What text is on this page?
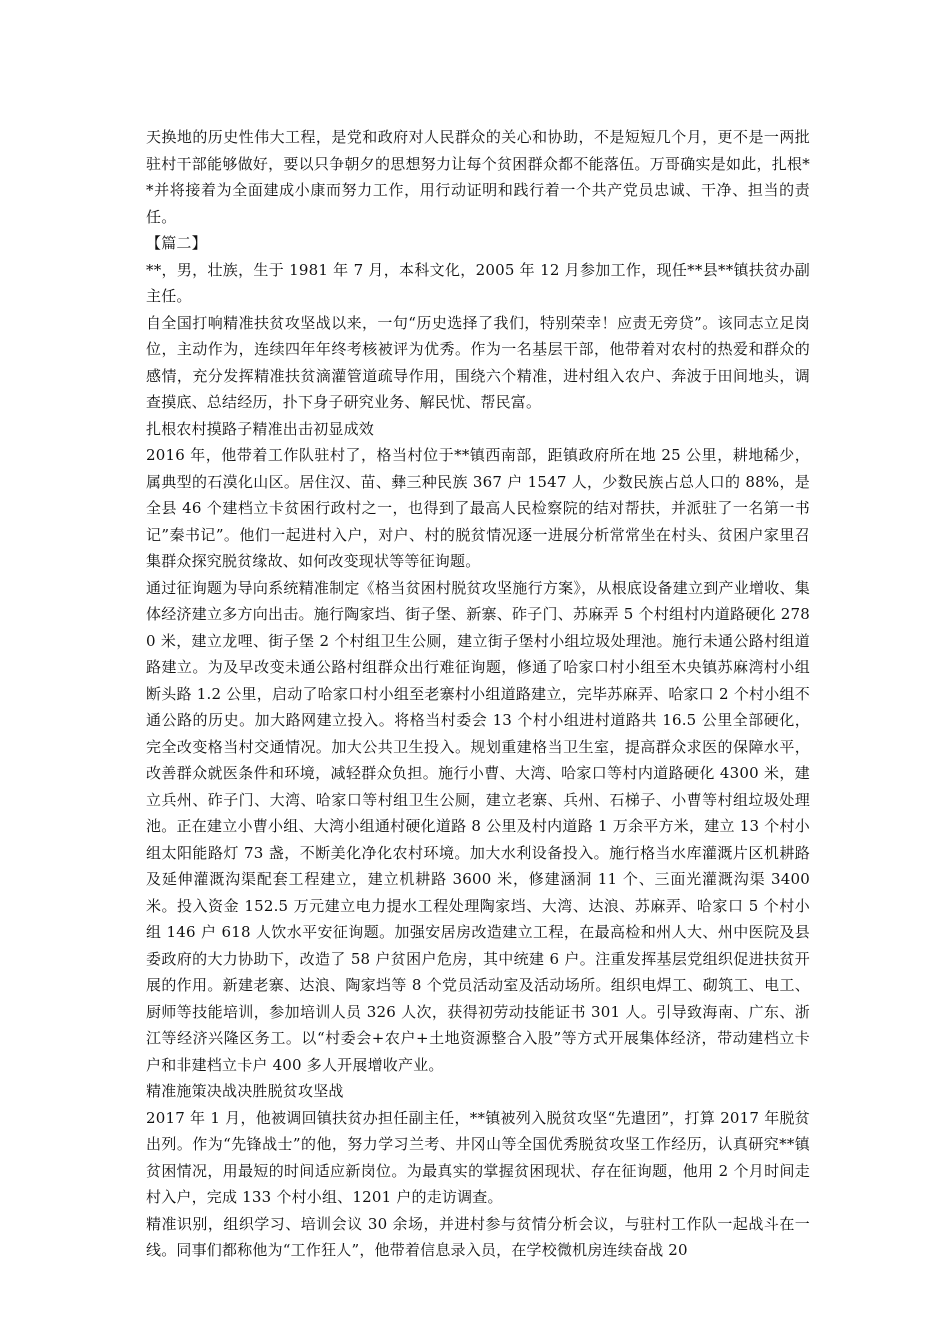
天换地的历史性伟大工程，是党和政府对人民群众的关心和协助，不是短短几个月，更不是一两批驻村干部能够做好，要以只争朝夕的思想努力让每个贫困群众都不能落伍。万哥确实是如此，扎根**并将接着为全面建成小康而努力工作，用行动证明和践行着一个共产党员忠诚、干净、担当的责任。

【篇二】

**，男，壮族，生于 1981 年 7 月，本科文化，2005 年 12 月参加工作，现任**县**镇扶贫办副主任。

自全国打响精准扶贫攻坚战以来，一句“历史选择了我们，特别荣幸！应责无旁贷”。该同志立足岗位，主动作为，连续四年年终考核被评为优秀。作为一名基层干部，他带着对农村的热爱和群众的感情，充分发挥精准扶贫滴灌管道疏导作用，围绕六个精准，进村组入农户、奔波于田间地头，调查摸底、总结经历，扑下身子研究业务、解民忧、帮民富。

扎根农村摸路子精准出击初显成效

2016 年，他带着工作队驻村了，格当村位于**镇西南部，距镇政府所在地 25 公里，耕地稀少，属典型的石漠化山区。居住汉、苗、彝三种民族 367 户 1547 人，少数民族占总人口的 88%，是全县 46 个建档立卡贫困行政村之一，也得到了最高人民检察院的结对帮扶，并派驻了一名第一书记”秦书记”。他们一起进村入户，对户、村的脱贫情况逐一进展分析常常坐在村头、贫困户家里召集群众探究脱贫缘故、如何改变现状等等征询题。

通过征询题为导向系统精准制定《格当贫困村脱贫攻坚施行方案》，从根底设备建立到产业增收、集体经济建立多方向出击。施行陶家垱、街子堡、新寨、砟子门、苏麻弄 5 个村组村内道路硬化 2780 米，建立龙哩、街子堡 2 个村组卫生公厕，建立街子堡村小组垃圾处理池。施行未通公路村组道路建立。为及早改变未通公路村组群众出行难征询题，修通了哈家口村小组至木央镇苏麻湾村小组断头路 1.2 公里，启动了哈家口村小组至老寨村小组道路建立，完毕苏麻弄、哈家口 2 个村小组不通公路的历史。加大路网建立投入。将格当村委会 13 个村小组进村道路共 16.5 公里全部硬化，完全改变格当村交通情况。加大公共卫生投入。规划重建格当卫生室，提高群众求医的保障水平，改善群众就医条件和环境，减轻群众负担。施行小曹、大湾、哈家口等村内道路硬化 4300 米，建立兵州、砟子门、大湾、哈家口等村组卫生公厕，建立老寨、兵州、石梯子、小曹等村组垃圾处理池。正在建立小曹小组、大湾小组通村硬化道路 8 公里及村内道路 1 万余平方米，建立 13 个村小组太阳能路灯 73 盏，不断美化净化农村环境。加大水利设备投入。施行格当水库灌溉片区机耕路及延伸灌溉沟渠配套工程建立，建立机耕路 3600 米，修建涵洞 11 个、三面光灌溉沟渠 3400 米。投入资金 152.5 万元建立电力提水工程处理陶家垱、大湾、达浪、苏麻弄、哈家口 5 个村小组 146 户 618 人饮水平安征询题。加强安居房改造建立工程，在最高检和州人大、州中医院及县委政府的大力协助下，改造了 58 户贫困户危房，其中统建 6 户。注重发挥基层党组织促进扶贫开展的作用。新建老寨、达浪、陶家垱等 8 个党员活动室及活动场所。组织电焊工、砌筑工、电工、厨师等技能培训，参加培训人员 326 人次，获得初劳动技能证书 301 人。引导致海南、广东、浙江等经济兴隆区务工。以“村委会+农户+土地资源整合入股”等方式开展集体经济，带动建档立卡户和非建档立卡户 400 多人开展增收产业。

精准施策决战决胜脱贫攻坚战

2017 年 1 月，他被调回镇扶贫办担任副主任，**镇被列入脱贫攻坚“先遣团”，打算 2017 年脱贫出列。作为“先锋战士”的他，努力学习兰考、井冈山等全国优秀脱贫攻坚工作经历，认真研究**镇贫困情况，用最短的时间适应新岗位。为最真实的掌握贫困现状、存在征询题，他用 2 个月时间走村入户，完成 133 个村小组、1201 户的走访调查。

精准识别，组织学习、培训会议 30 余场，并进村参与贫情分析会议，与驻村工作队一起战斗在一线。同事们都称他为“工作狂人”，他带着信息录入员，在学校微机房连续奋战 20
